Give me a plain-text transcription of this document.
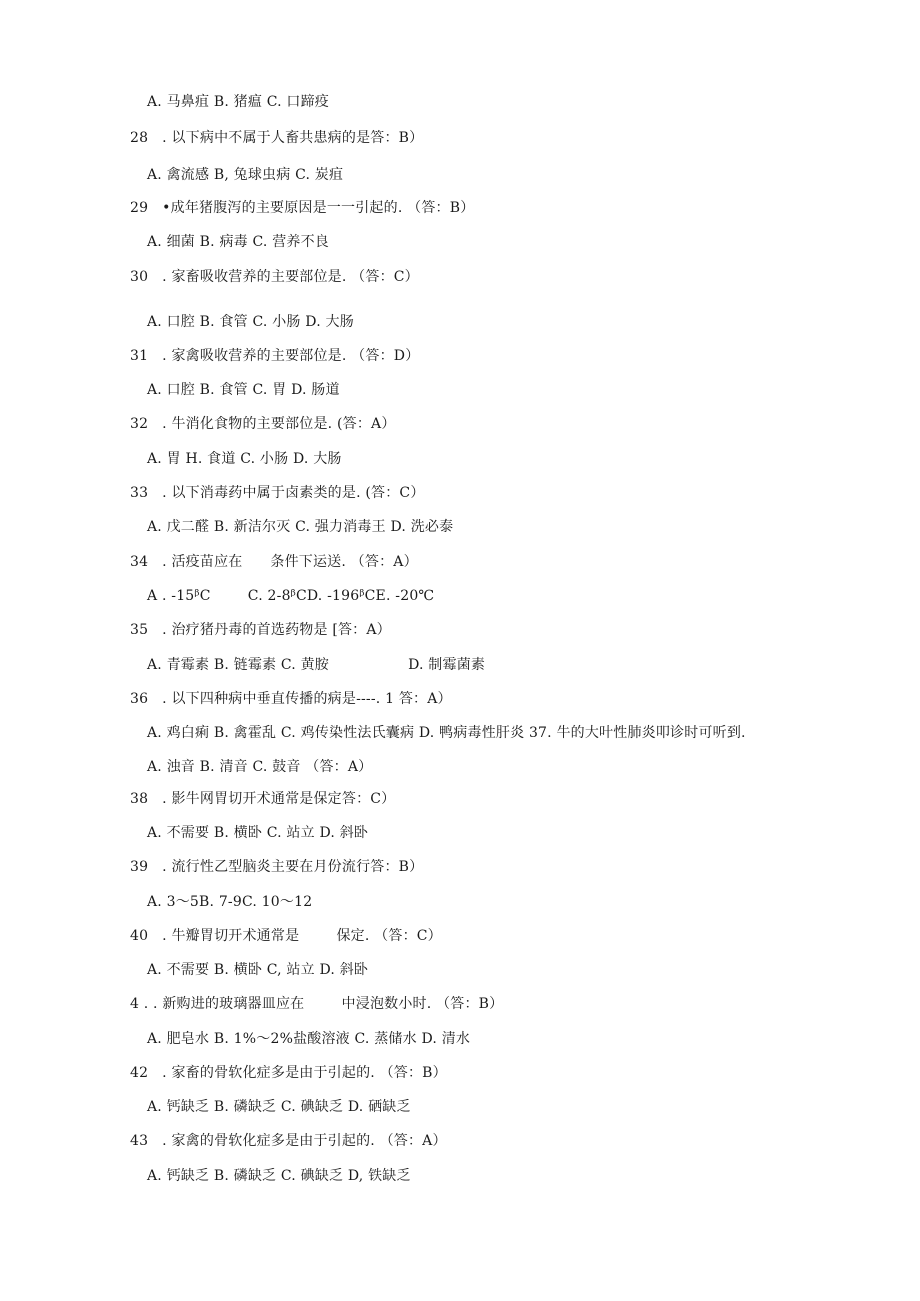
A. 马鼻疽 B. 猪瘟 C. 口蹄疫
28   . 以下病中不属于人畜共患病的是答：B）
A. 禽流感 B, 兔球虫病 C. 炭疽
29   •成年猪腹泻的主要原因是一一引起的. （答：B）
A. 细菌 B. 病毒 C. 营养不良
30   . 家畜吸收营养的主要部位是. （答：C）
A. 口腔 B. 食管 C. 小肠 D. 大肠
31   . 家禽吸收营养的主要部位是. （答：D）
A. 口腔 B. 食管 C. 胃 D. 肠道
32   . 牛消化食物的主要部位是. (答：A）
A. 胃 H. 食道 C. 小肠 D. 大肠
33   . 以下消毒药中属于卤素类的是. (答：C）
A. 戊二醛 B. 新洁尔灭 C. 强力消毒王 D. 洗必泰
34   . 活疫苗应在      条件下运送. （答：A）
A . -15ᵝC        C. 2-8ᵝCD. -196ᵝCE. -20℃
35   . 治疗猪丹毒的首选药物是 [答：A）
A. 青霉素 B. 链霉素 C. 黄胺                 D. 制霉菌素
36   . 以下四种病中垂直传播的病是----. 1 答：A）
A. 鸡白痢 B. 禽霍乱 C. 鸡传染性法氏囊病 D. 鸭病毒性肝炎 37. 牛的大叶性肺炎叩诊时可听到.
A. 浊音 B. 清音 C. 鼓音 （答：A）
38   . 影牛网胃切开术通常是保定答：C）
A. 不需要 B. 横卧 C. 站立 D. 斜卧
39   . 流行性乙型脑炎主要在月份流行答：B）
A. 3～5B. 7-9C. 10～12
40   . 牛瓣胃切开术通常是        保定. （答：C）
A. 不需要 B. 横卧 C, 站立 D. 斜卧
4 . . 新购进的玻璃器皿应在        中浸泡数小时. （答：B）
A. 肥皂水 B. 1%～2%盐酸溶液 C. 蒸储水 D. 清水
42   . 家畜的骨软化症多是由于引起的. （答：B）
A. 钙缺乏 B. 磷缺乏 C. 碘缺乏 D. 硒缺乏
43   . 家禽的骨软化症多是由于引起的. （答：A）
A. 钙缺乏 B. 磷缺乏 C. 碘缺乏 D, 铁缺乏
